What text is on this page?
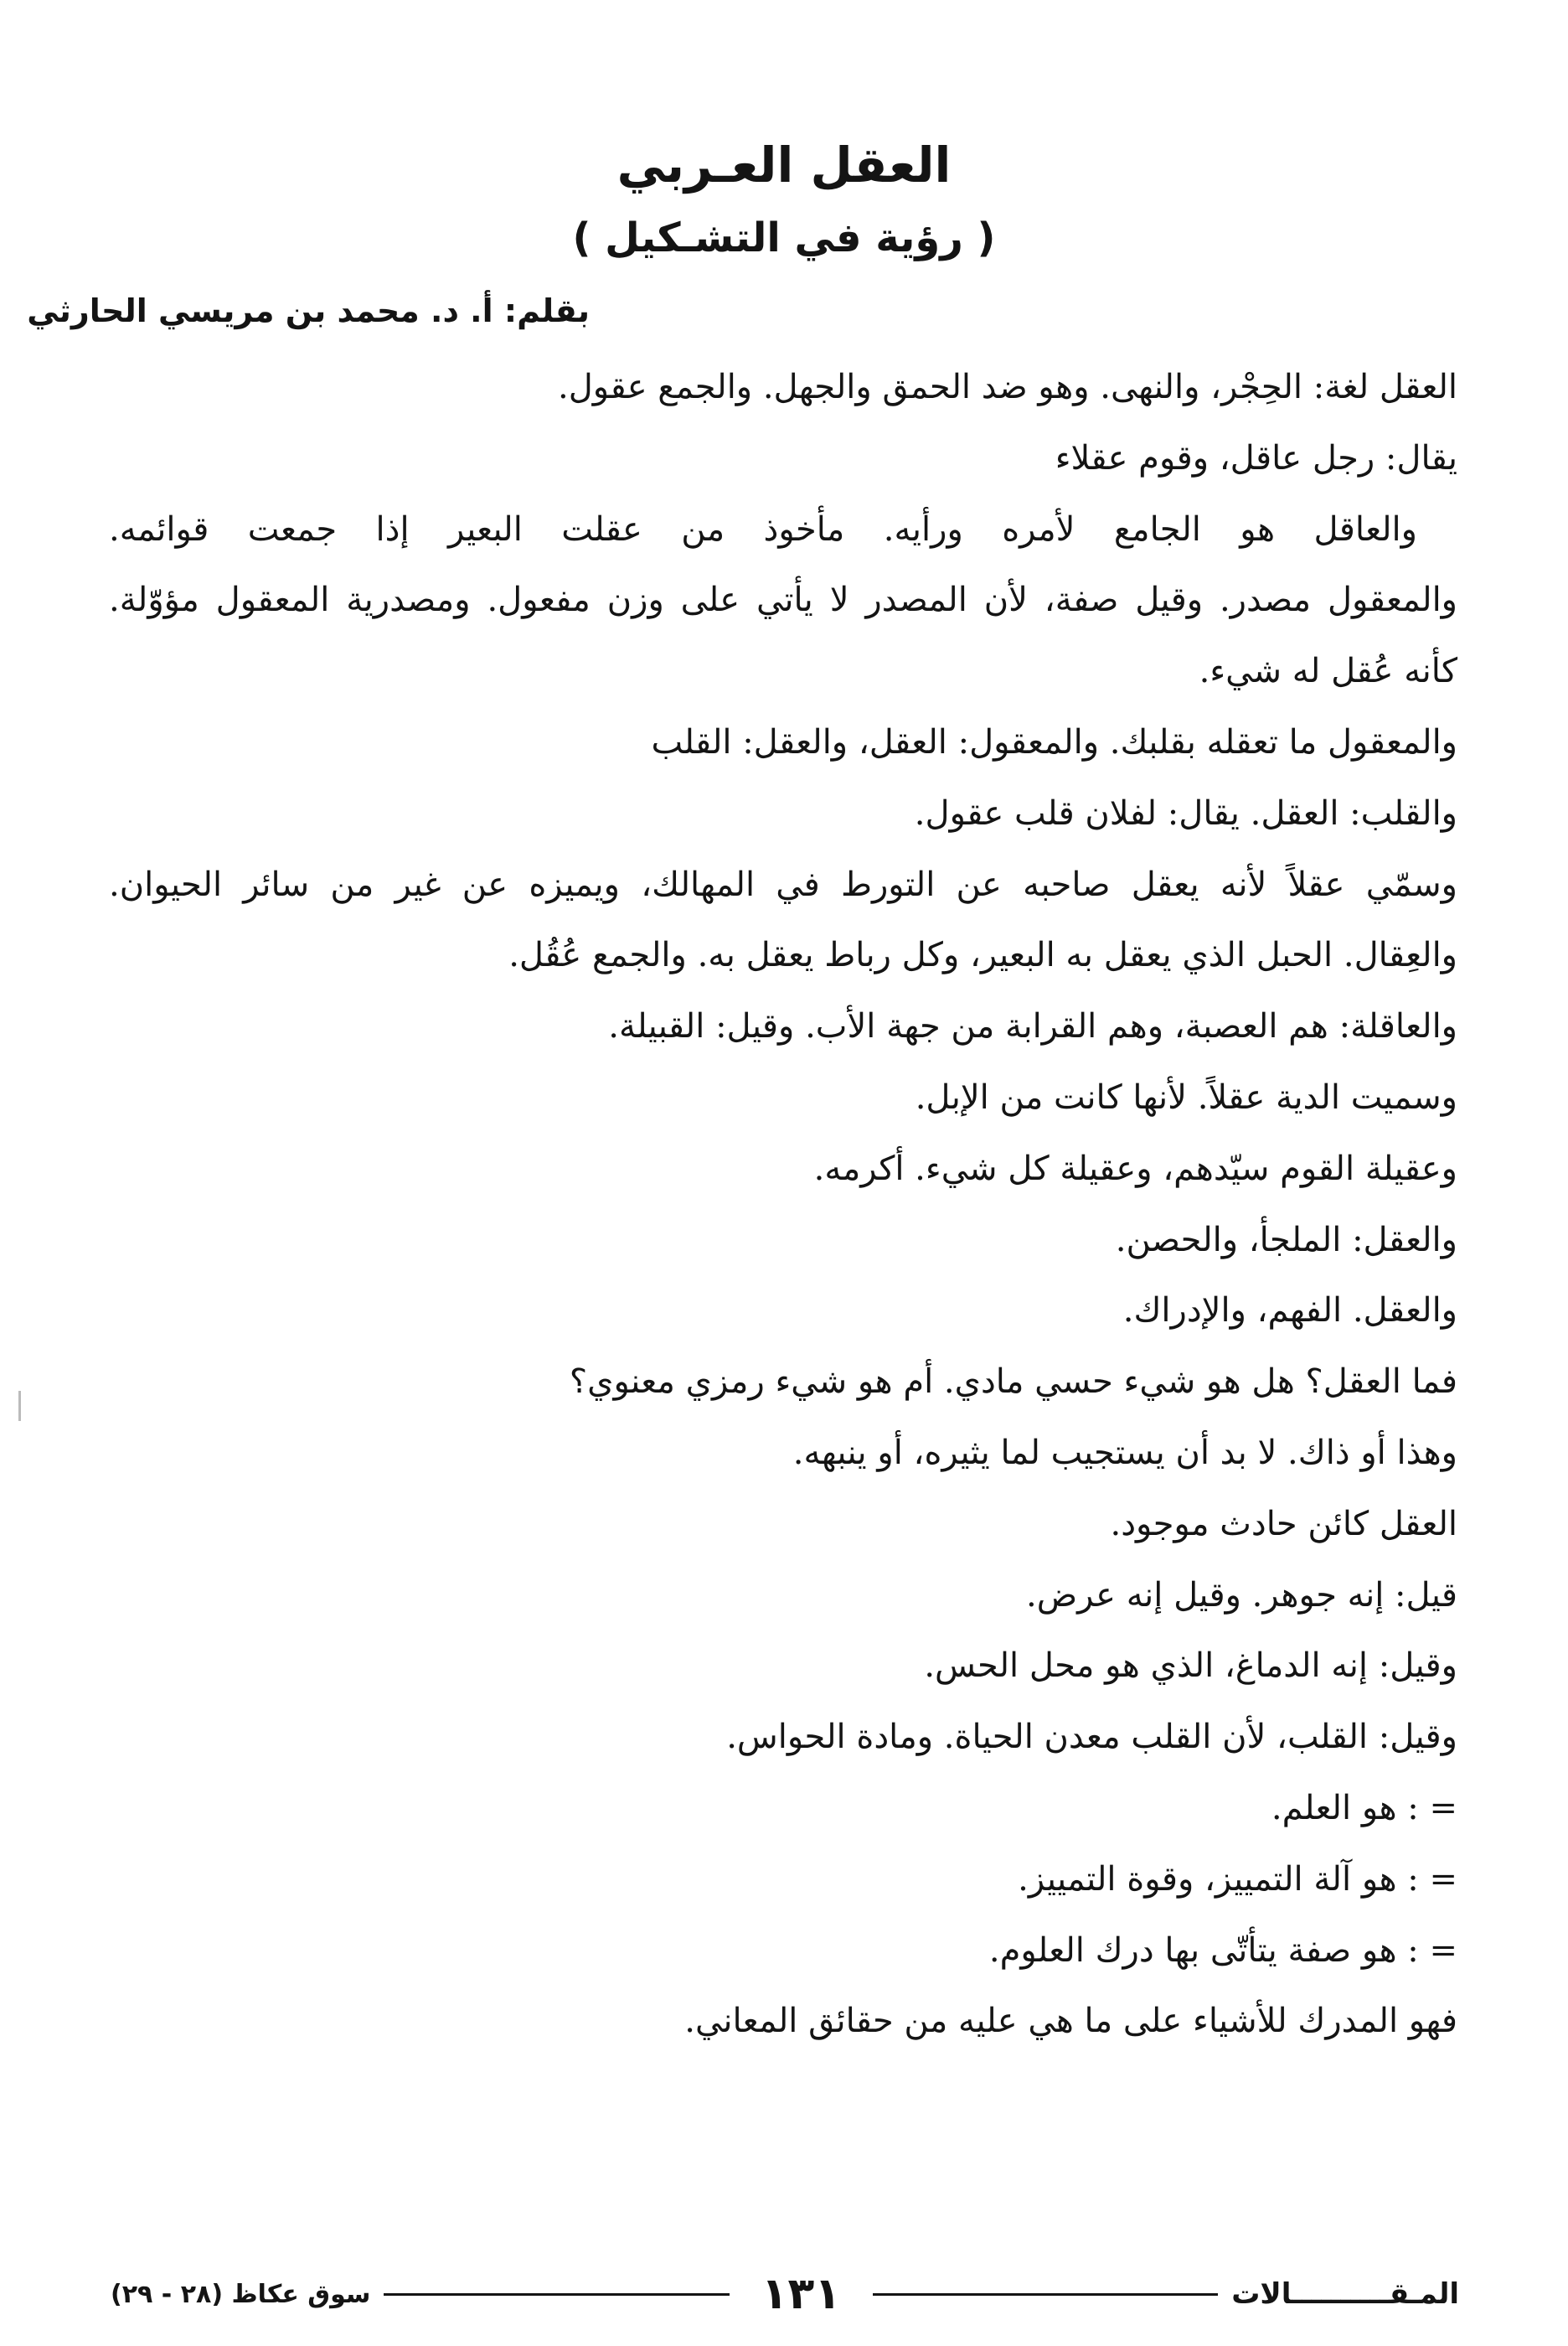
العقل العـربي
( رؤية في التشـكيل )
بقلم: أ. د. محمد بن مريسي الحارثي
العقل لغة: الحِجْر، والنهى. وهو ضد الحمق والجهل. والجمع عقول.
يقال: رجل عاقل، وقوم عقلاء
والعاقل هو الجامع لأمره ورأيه. مأخوذ من عقلت البعير إذا جمعت قوائمه.
والمعقول مصدر. وقيل صفة، لأن المصدر لا يأتي على وزن مفعول. ومصدرية المعقول مؤوّلة.
كأنه عُقل له شيء.
والمعقول ما تعقله بقلبك. والمعقول: العقل، والعقل: القلب
والقلب: العقل. يقال: لفلان قلب عقول.
وسمّي عقلاً لأنه يعقل صاحبه عن التورط في المهالك، ويميزه عن غير من سائر الحيوان.
والعِقال. الحبل الذي يعقل به البعير، وكل رباط يعقل به. والجمع عُقُل.
والعاقلة: هم العصبة، وهم القرابة من جهة الأب. وقيل: القبيلة.
وسميت الدية عقلاً. لأنها كانت من الإبل.
وعقيلة القوم سيّدهم، وعقيلة كل شيء. أكرمه.
والعقل: الملجأ، والحصن.
والعقل. الفهم، والإدراك.
فما العقل؟ هل هو شيء حسي مادي. أم هو شيء رمزي معنوي؟
وهذا أو ذاك. لا بد أن يستجيب لما يثيره، أو ينبهه.
العقل كائن حادث موجود.
قيل: إنه جوهر. وقيل إنه عرض.
وقيل: إنه الدماغ، الذي هو محل الحس.
وقيل: القلب، لأن القلب معدن الحياة. ومادة الحواس.
= : هو العلم.
= : هو آلة التمييز، وقوة التمييز.
= : هو صفة يتأتّى بها درك العلوم.
فهو المدرك للأشياء على ما هي عليه من حقائق المعاني.
المـقــــــــــالات
١٣١
سوق عكاظ (٢٨ - ٢٩)
